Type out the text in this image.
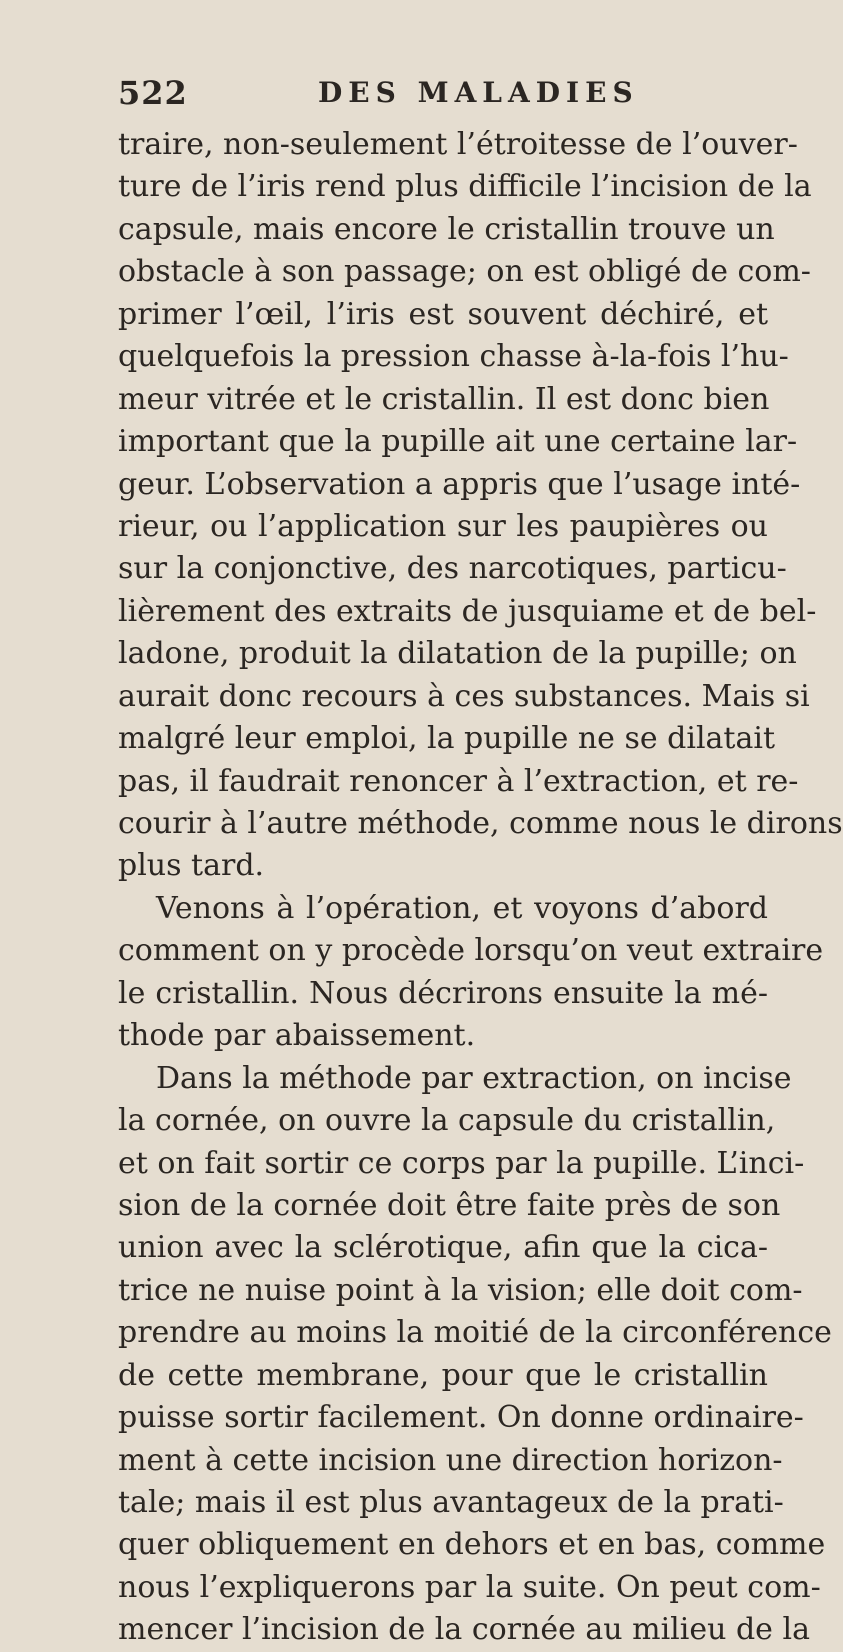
522	DES MALADIES
traire, non-seulement l’étroitesse de l’ouver-
ture de l’iris rend plus difficile l’incision de la
capsule, mais encore le cristallin trouve un
obstacle à son passage; on est obligé de com-
primer l’œil, l’iris est souvent déchiré, et
quelquefois la pression chasse à-la-fois l’hu-
meur vitrée et le cristallin. Il est donc bien
important que la pupille ait une certaine lar-
geur. L’observation a appris que l’usage inté-
rieur, ou l’application sur les paupières ou
sur la conjonctive, des narcotiques, particu-
lièrement des extraits de jusquiame et de bel-
ladone, produit la dilatation de la pupille; on
aurait donc recours à ces substances. Mais si
malgré leur emploi, la pupille ne se dilatait
pas, il faudrait renoncer à l’extraction, et re-
courir à l’autre méthode, comme nous le dirons
plus tard.
Venons à l’opération, et voyons d’abord
comment on y procède lorsqu’on veut extraire
le cristallin. Nous décrirons ensuite la mé-
thode par abaissement.
Dans la méthode par extraction, on incise
la cornée, on ouvre la capsule du cristallin,
et on fait sortir ce corps par la pupille. L’inci-
sion de la cornée doit être faite près de son
union avec la sclérotique, afin que la cica-
trice ne nuise point à la vision; elle doit com-
prendre au moins la moitié de la circonférence
de cette membrane, pour que le cristallin
puisse sortir facilement. On donne ordinaire-
ment à cette incision une direction horizon-
tale; mais il est plus avantageux de la prati-
quer obliquement en dehors et en bas, comme
nous l’expliquerons par la suite. On peut com-
mencer l’incision de la cornée au milieu de la
